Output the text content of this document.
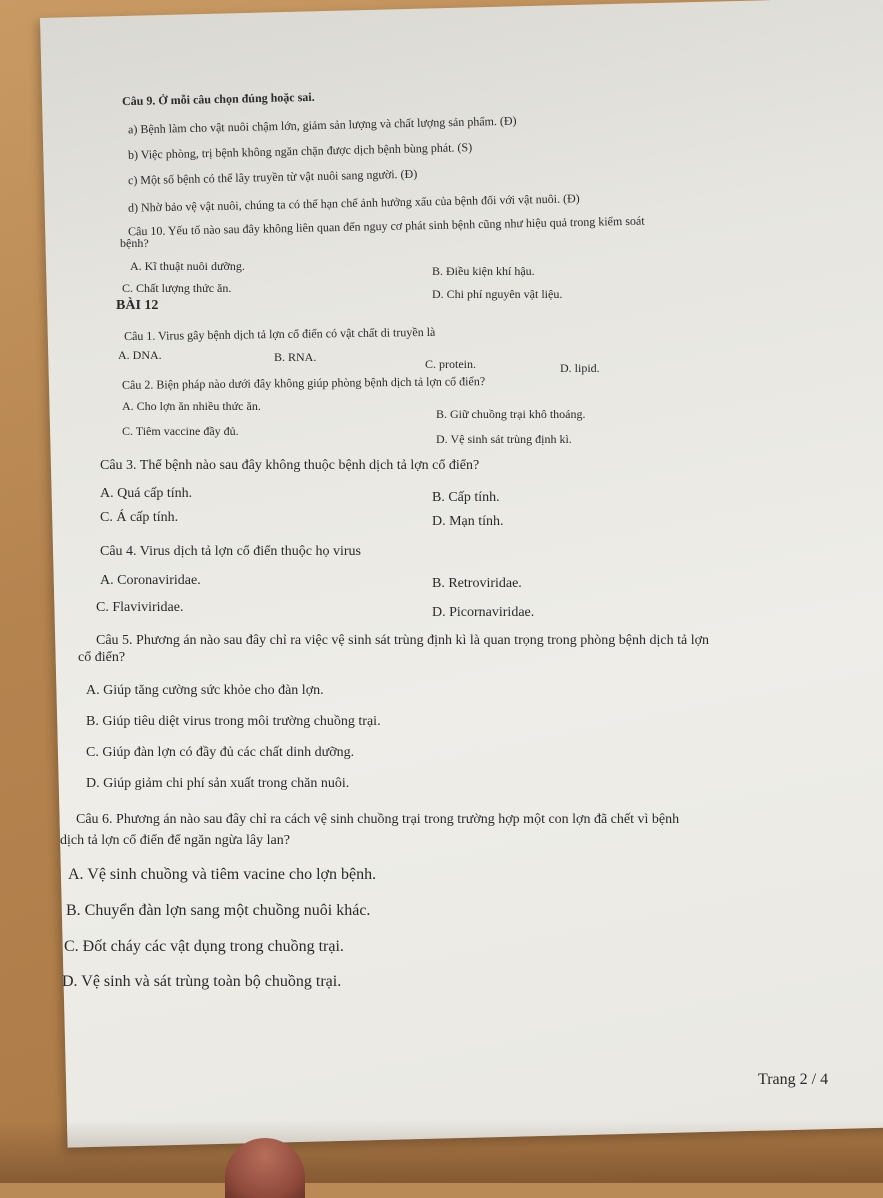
Câu 9. Ở mỗi câu chọn đúng hoặc sai.
a) Bệnh làm cho vật nuôi chậm lớn, giảm sản lượng và chất lượng sản phẩm. (Đ)
b) Việc phòng, trị bệnh không ngăn chặn được dịch bệnh bùng phát. (S)
c) Một số bệnh có thể lây truyền từ vật nuôi sang người. (Đ)
d) Nhờ bảo vệ vật nuôi, chúng ta có thể hạn chế ảnh hưởng xấu của bệnh đối với vật nuôi. (Đ)
Câu 10. Yếu tố nào sau đây không liên quan đến nguy cơ phát sinh bệnh cũng như hiệu quả trong kiểm soát
bệnh?
A. Kĩ thuật nuôi dưỡng.	B. Điều kiện khí hậu.
C. Chất lượng thức ăn.	D. Chi phí nguyên vật liệu.
BÀI 12
Câu 1. Virus gây bệnh dịch tả lợn cổ điển có vật chất di truyền là
A. DNA.	B. RNA.	C. protein.	D. lipid.
Câu 2. Biện pháp nào dưới đây không giúp phòng bệnh dịch tả lợn cổ điển?
A. Cho lợn ăn nhiều thức ăn.
B. Giữ chuồng trại khô thoáng.
C. Tiêm vaccine đầy đủ.
D. Vệ sinh sát trùng định kì.
Câu 3. Thể bệnh nào sau đây không thuộc bệnh dịch tả lợn cổ điển?
A. Quá cấp tính.	B. Cấp tính.
C. Á cấp tính.	D. Mạn tính.
Câu 4. Virus dịch tả lợn cổ điển thuộc họ virus
A. Coronaviridae.	B. Retroviridae.
C. Flaviviridae.	D. Picornaviridae.
Câu 5. Phương án nào sau đây chỉ ra việc vệ sinh sát trùng định kì là quan trọng trong phòng bệnh dịch tả lợn
cổ điển?
A. Giúp tăng cường sức khỏe cho đàn lợn.
B. Giúp tiêu diệt virus trong môi trường chuồng trại.
C. Giúp đàn lợn có đầy đủ các chất dinh dưỡng.
D. Giúp giảm chi phí sản xuất trong chăn nuôi.
Câu 6. Phương án nào sau đây chỉ ra cách vệ sinh chuồng trại trong trường hợp một con lợn đã chết vì bệnh
dịch tả lợn cổ điển để ngăn ngừa lây lan?
A. Vệ sinh chuồng và tiêm vacine cho lợn bệnh.
B. Chuyển đàn lợn sang một chuồng nuôi khác.
C. Đốt cháy các vật dụng trong chuồng trại.
D. Vệ sinh và sát trùng toàn bộ chuồng trại.
Trang 2 / 4
